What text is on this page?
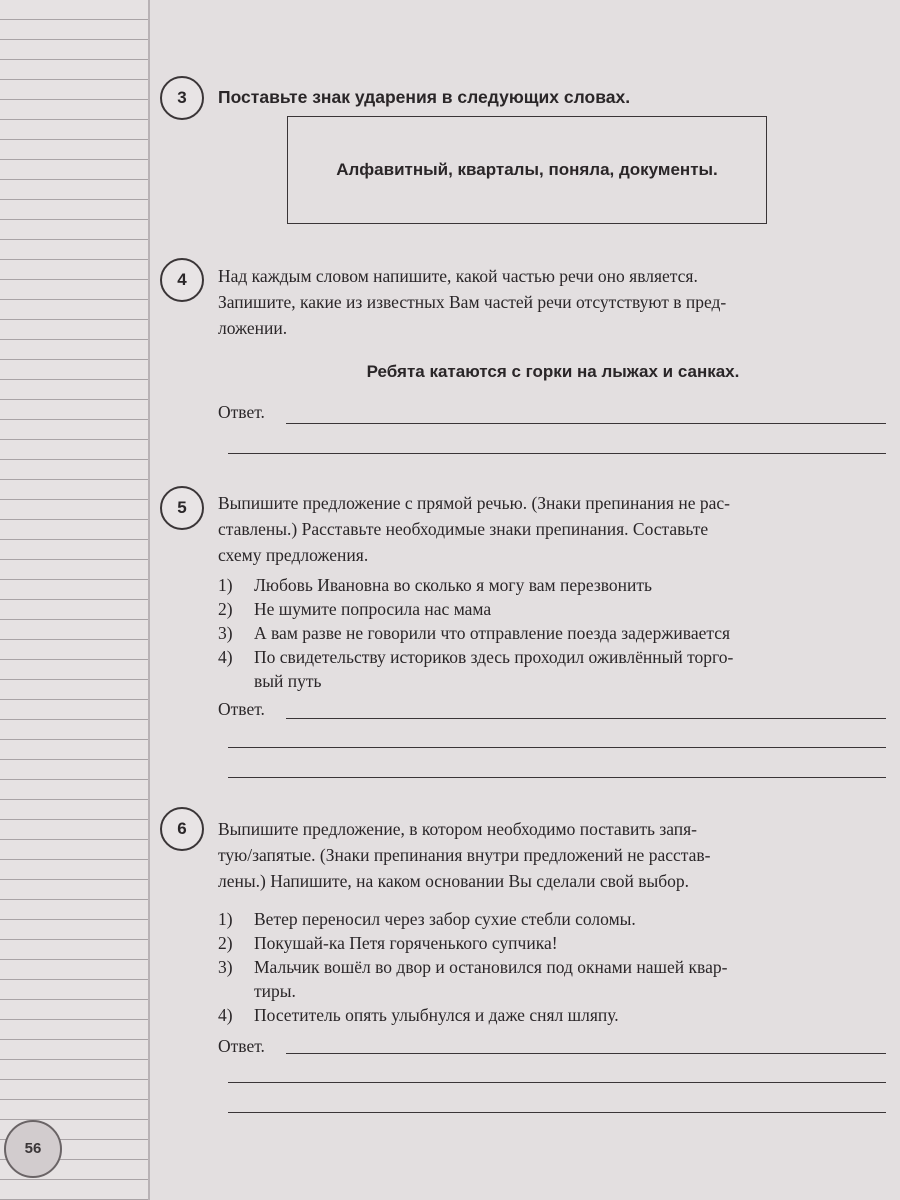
3	Поставьте знак ударения в следующих словах.
Алфавитный, кварталы, поняла, документы.
4	Над каждым словом напишите, какой частью речи оно является.
Запишите, какие из известных Вам частей речи отсутствуют в пред-
ложении.
Ребята катаются с горки на лыжах и санках.
Ответ.
5	Выпишите предложение с прямой речью. (Знаки препинания не рас-
ставлены.) Расставьте необходимые знаки препинания. Составьте
схему предложения.
1) Любовь Ивановна во сколько я могу вам перезвонить
2) Не шумите попросила нас мама
3) А вам разве не говорили что отправление поезда задерживается
4) По свидетельству историков здесь проходил оживлённый торго-
вый путь
Ответ.
6	Выпишите предложение, в котором необходимо поставить запя-
тую/запятые. (Знаки препинания внутри предложений не расстав-
лены.) Напишите, на каком основании Вы сделали свой выбор.
1) Ветер переносил через забор сухие стебли соломы.
2) Покушай-ка Петя горяченького супчика!
3) Мальчик вошёл во двор и остановился под окнами нашей квар-
тиры.
4) Посетитель опять улыбнулся и даже снял шляпу.
Ответ.
56
